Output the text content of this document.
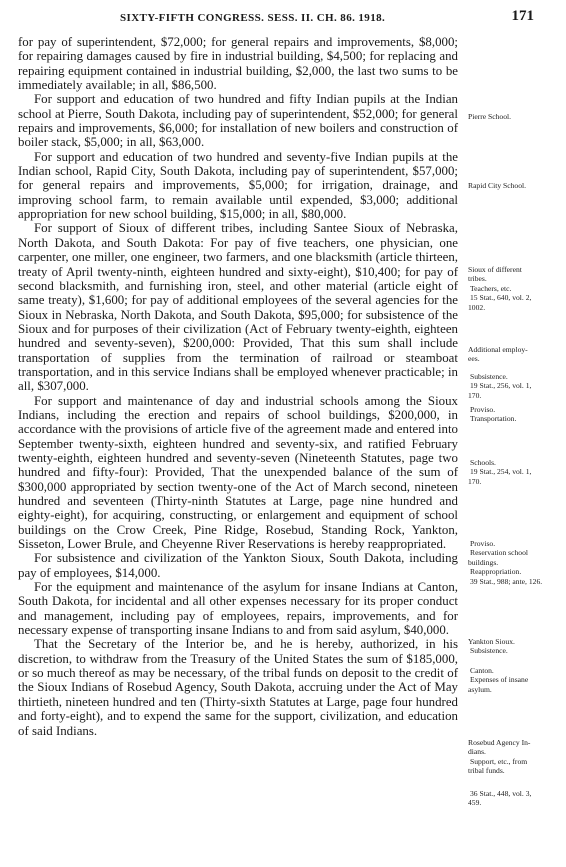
SIXTY-FIFTH CONGRESS. SESS. II. CH. 86. 1918.	171

for pay of superintendent, $72,000; for general repairs and improvements, $8,000; for repairing damages caused by fire in industrial building, $4,500; for replacing and repairing equipment contained in industrial building, $2,000, the last two sums to be immediately available; in all, $86,500.

For support and education of two hundred and fifty Indian pupils at the Indian school at Pierre, South Dakota, including pay of superintendent, $52,000; for general repairs and improvements, $6,000; for installation of new boilers and construction of boiler stack, $5,000; in all, $63,000.

For support and education of two hundred and seventy-five Indian pupils at the Indian school, Rapid City, South Dakota, including pay of superintendent, $57,000; for general repairs and improvements, $5,000; for irrigation, drainage, and improving school farm, to remain available until expended, $3,000; additional appropriation for new school building, $15,000; in all, $80,000.

For support of Sioux of different tribes, including Santee Sioux of Nebraska, North Dakota, and South Dakota: For pay of five teachers, one physician, one carpenter, one miller, one engineer, two farmers, and one blacksmith (article thirteen, treaty of April twenty-ninth, eighteen hundred and sixty-eight), $10,400; for pay of second blacksmith, and furnishing iron, steel, and other material (article eight of same treaty), $1,600; for pay of additional employees of the several agencies for the Sioux in Nebraska, North Dakota, and South Dakota, $95,000; for subsistence of the Sioux and for purposes of their civilization (Act of February twenty-eighth, eighteen hundred and seventy-seven), $200,000: Provided, That this sum shall include transportation of supplies from the termination of railroad or steamboat transportation, and in this service Indians shall be employed whenever practicable; in all, $307,000.

For support and maintenance of day and industrial schools among the Sioux Indians, including the erection and repairs of school buildings, $200,000, in accordance with the provisions of article five of the agreement made and entered into September twenty-sixth, eighteen hundred and seventy-six, and ratified February twenty-eighth, eighteen hundred and seventy-seven (Nineteenth Statutes, page two hundred and fifty-four): Provided, That the unexpended balance of the sum of $300,000 appropriated by section twenty-one of the Act of March second, nineteen hundred and seventeen (Thirty-ninth Statutes at Large, page nine hundred and eighty-eight), for acquiring, constructing, or enlargement and equipment of school buildings on the Crow Creek, Pine Ridge, Rosebud, Standing Rock, Yankton, Sisseton, Lower Brule, and Cheyenne River Reservations is hereby reappropriated.

For subsistence and civilization of the Yankton Sioux, South Dakota, including pay of employees, $14,000.

For the equipment and maintenance of the asylum for insane Indians at Canton, South Dakota, for incidental and all other expenses necessary for its proper conduct and management, including pay of employees, repairs, improvements, and for necessary expense of transporting insane Indians to and from said asylum, $40,000.

That the Secretary of the Interior be, and he is hereby, authorized, in his discretion, to withdraw from the Treasury of the United States the sum of $185,000, or so much thereof as may be necessary, of the tribal funds on deposit to the credit of the Sioux Indians of Rosebud Agency, South Dakota, accruing under the Act of May thirtieth, nineteen hundred and ten (Thirty-sixth Statutes at Large, page four hundred and forty-eight), and to expend the same for the support, civilization, and education of said Indians.

Pierre School.
Rapid City School.
Sioux of different
tribes.
Teachers, etc.
15 Stat., 640, vol. 2,
1002.
Additional employ-
ees.
Subsistence.
19 Stat., 256, vol. 1,
170.
Proviso.
Transportation.
Schools.
19 Stat., 254, vol. 1,
170.
Proviso.
Reservation school
buildings.
Reappropriation.
39 Stat., 988; ante, 126.
Yankton Sioux.
Subsistence.
Canton.
Expenses of insane
asylum.
Rosebud Agency In-
dians.
Support, etc., from
tribal funds.
36 Stat., 448, vol. 3,
459.
